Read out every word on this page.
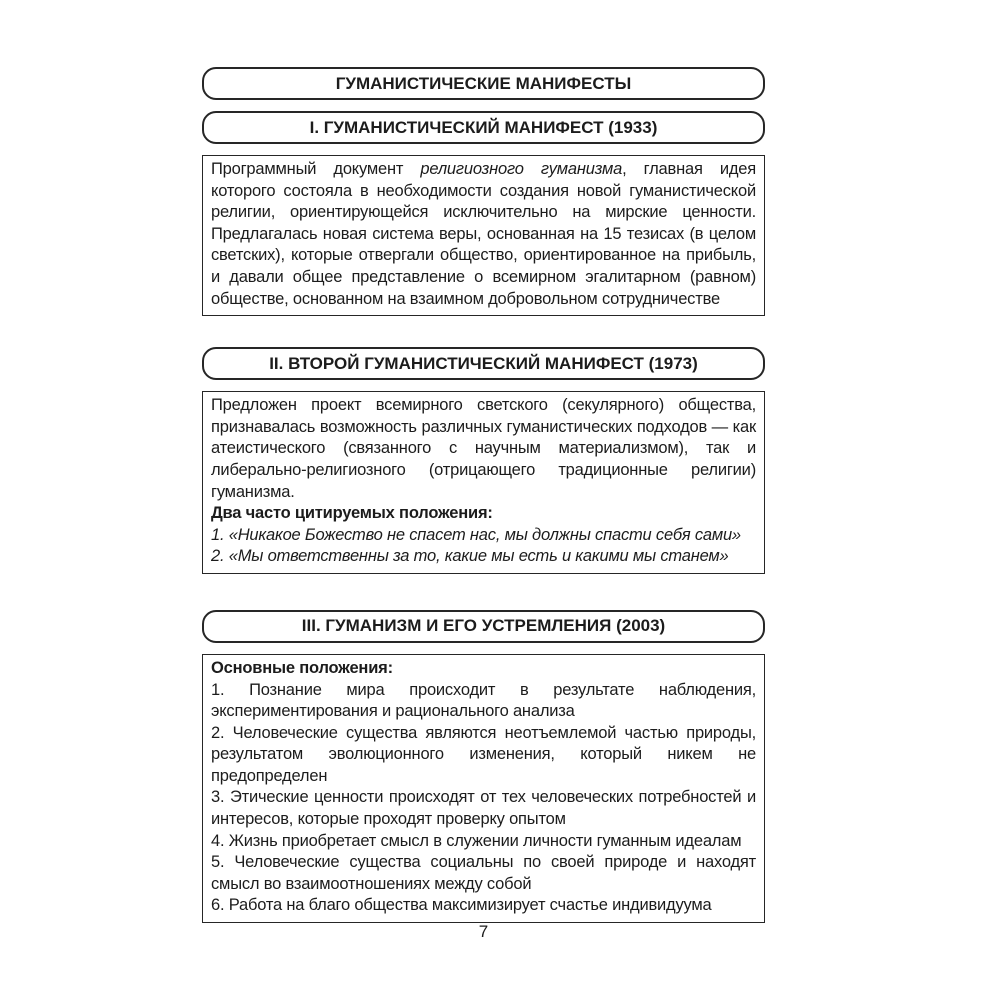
ГУМАНИСТИЧЕСКИЕ МАНИФЕСТЫ
I. ГУМАНИСТИЧЕСКИЙ МАНИФЕСТ (1933)
Программный документ религиозного гуманизма, главная идея которого состояла в необходимости создания новой гуманистической религии, ориентирующейся исключительно на мирские ценности. Предлагалась новая система веры, основанная на 15 тезисах (в целом светских), которые отвергали общество, ориентированное на прибыль, и давали общее представление о всемирном эгалитарном (равном) обществе, основанном на взаимном добровольном сотрудничестве
II. ВТОРОЙ ГУМАНИСТИЧЕСКИЙ МАНИФЕСТ (1973)
Предложен проект всемирного светского (секулярного) общества, признавалась возможность различных гуманистических подходов — как атеистического (связанного с научным материализмом), так и либерально-религиозного (отрицающего традиционные религии) гуманизма.
Два часто цитируемых положения:
1. «Никакое Божество не спасет нас, мы должны спасти себя сами»
2. «Мы ответственны за то, какие мы есть и какими мы станем»
III. ГУМАНИЗМ И ЕГО УСТРЕМЛЕНИЯ (2003)
Основные положения:
1. Познание мира происходит в результате наблюдения, экспериментирования и рационального анализа
2. Человеческие существа являются неотъемлемой частью природы, результатом эволюционного изменения, который никем не предопределен
3. Этические ценности происходят от тех человеческих потребностей и интересов, которые проходят проверку опытом
4. Жизнь приобретает смысл в служении личности гуманным идеалам
5. Человеческие существа социальны по своей природе и находят смысл во взаимоотношениях между собой
6. Работа на благо общества максимизирует счастье индивидуума
7
